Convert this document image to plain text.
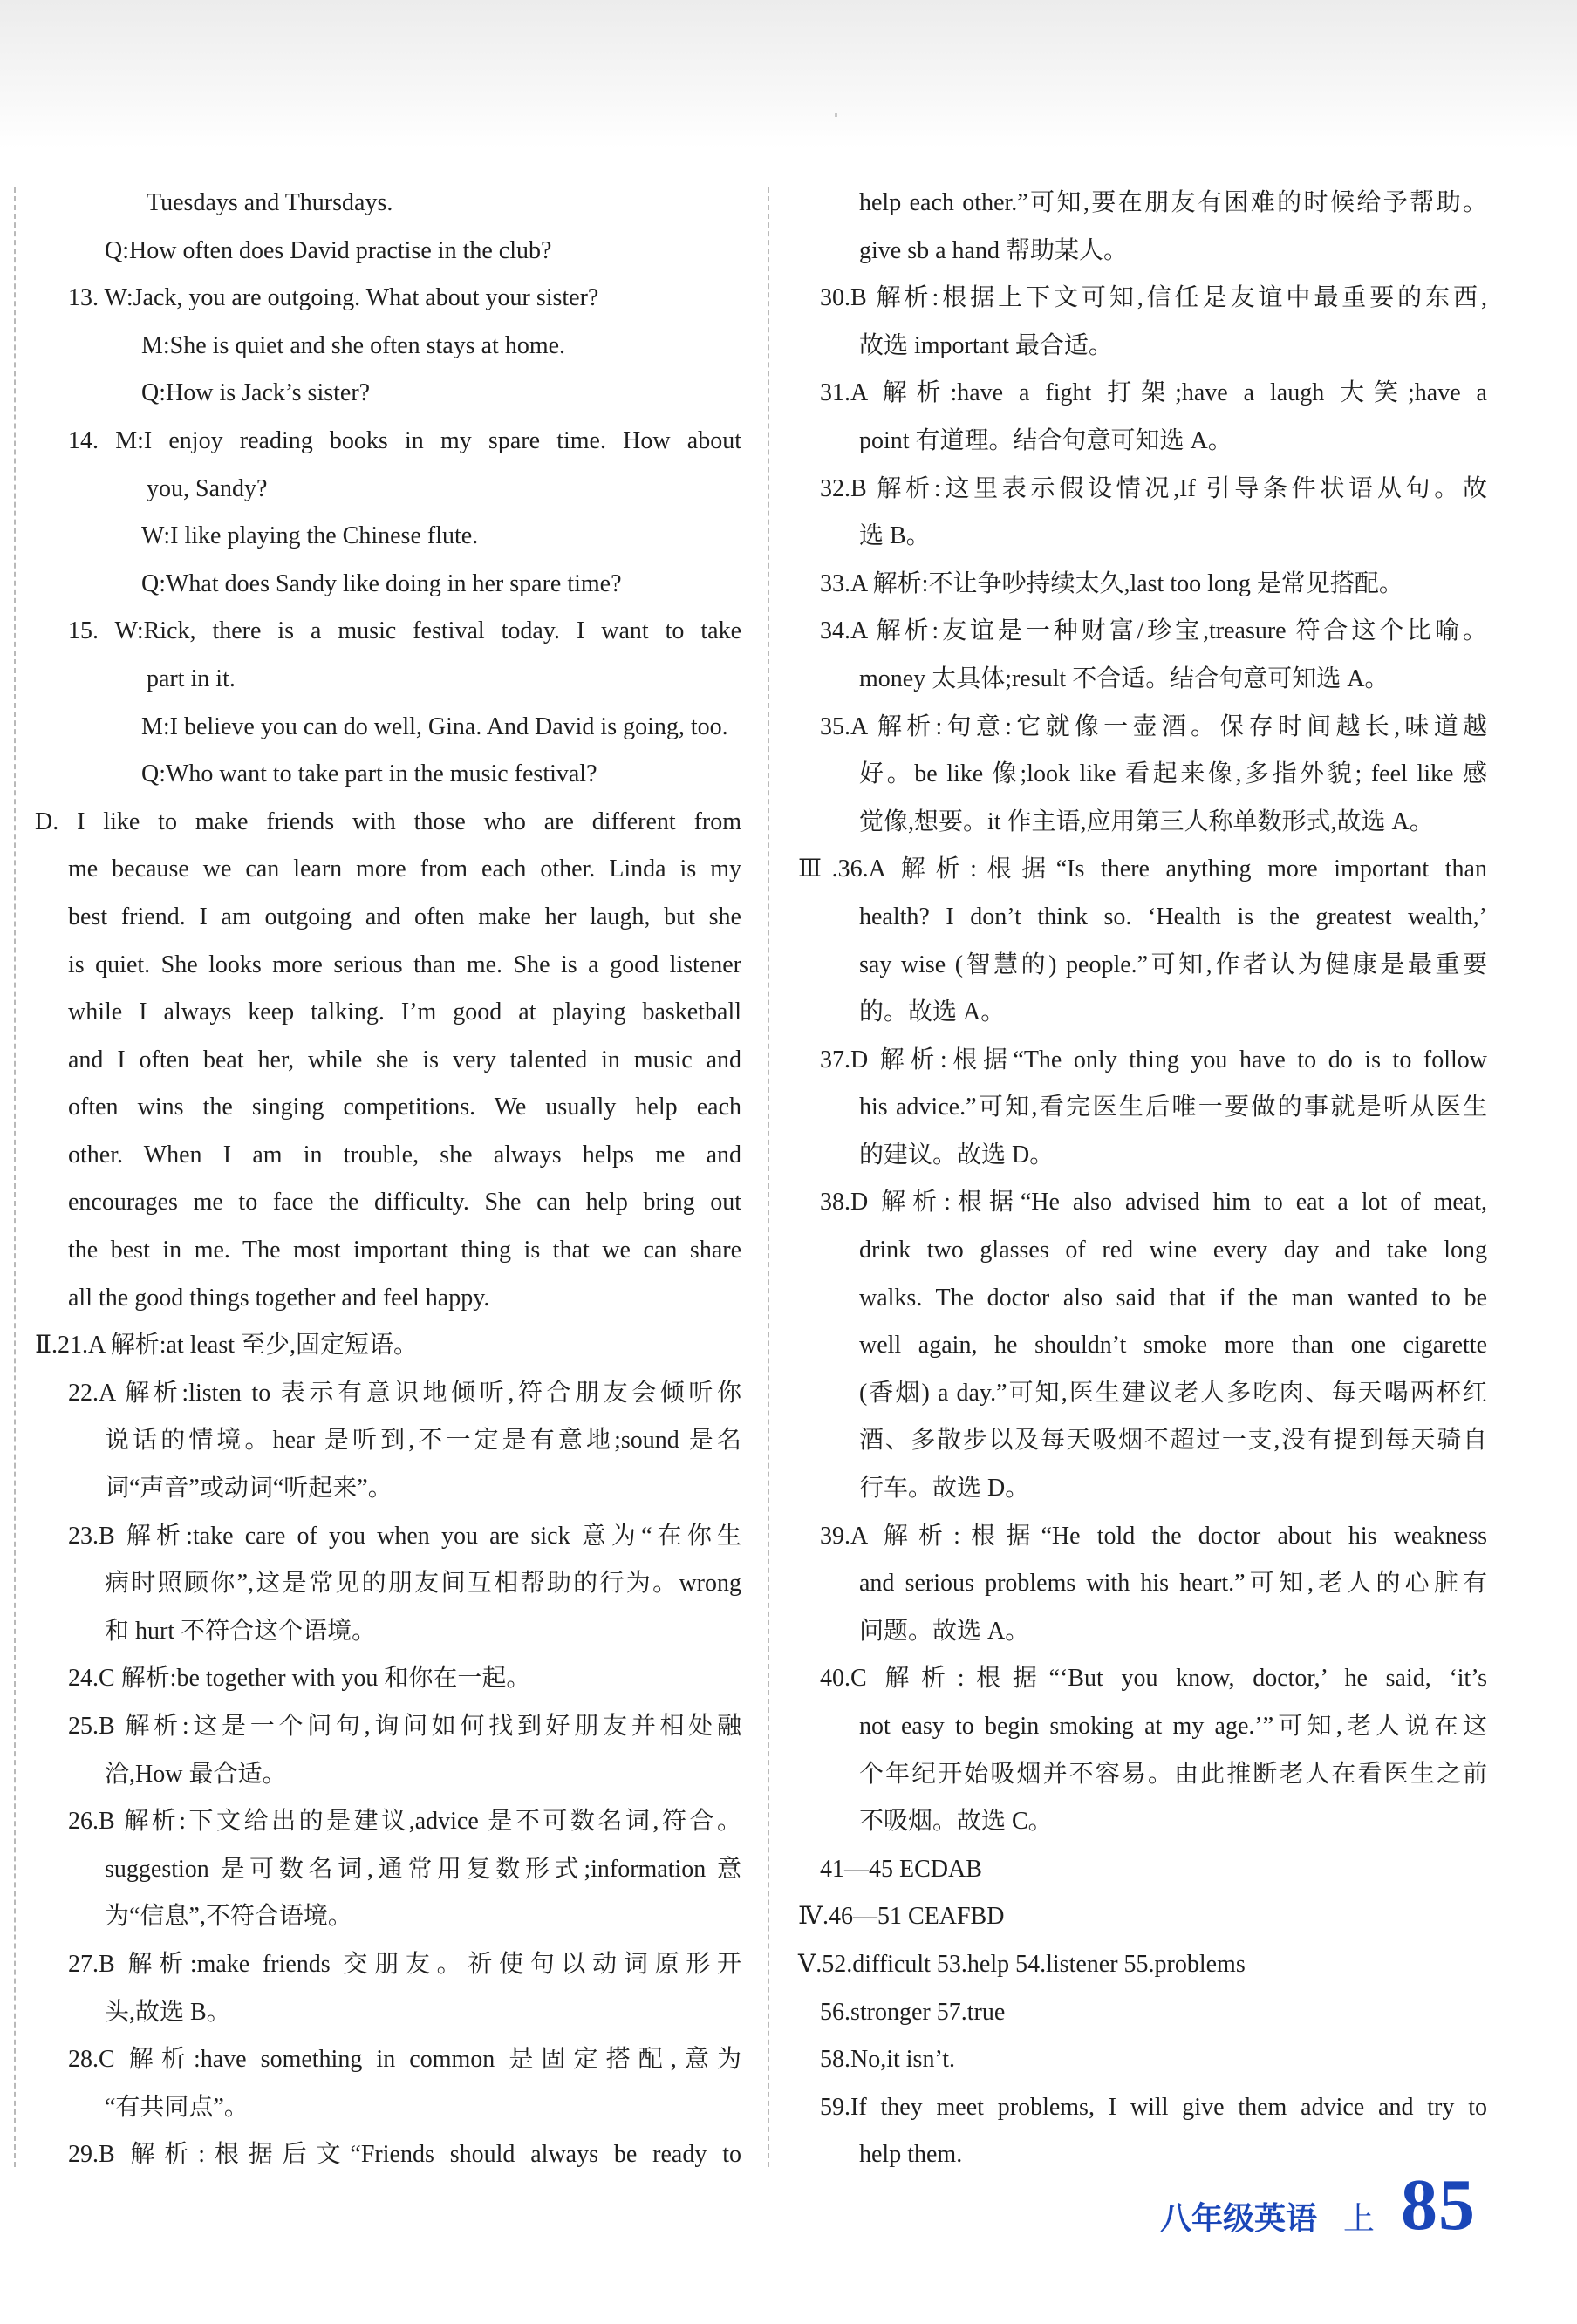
Tuesdays and Thursdays.
Q:How often does David practise in the club?
13. W:Jack, you are outgoing. What about your sister?
M:She is quiet and she often stays at home.
Q:How is Jack’s sister?
14. M:I enjoy reading books in my spare time. How about
you, Sandy?
W:I like playing the Chinese flute.
Q:What does Sandy like doing in her spare time?
15. W:Rick, there is a music festival today. I want to take
part in it.
M:I believe you can do well, Gina. And David is going, too.
Q:Who want to take part in the music festival?
D. I like to make friends with those who are different from
me because we can learn more from each other. Linda is my
best friend. I am outgoing and often make her laugh, but she
is quiet. She looks more serious than me. She is a good listener
while I always keep talking. I’m good at playing basketball
and I often beat her, while she is very talented in music and
often wins the singing competitions. We usually help each
other. When I am in trouble, she always helps me and
encourages me to face the difficulty. She can help bring out
the best in me. The most important thing is that we can share
all the good things together and feel happy.
Ⅱ.21.A 解析:at least 至少,固定短语。
22.A 解析:listen to 表示有意识地倾听,符合朋友会倾听你
说话的情境。hear 是听到,不一定是有意地;sound 是名
词“声音”或动词“听起来”。
23.B 解析:take care of you when you are sick 意为“在你生
病时照顾你”,这是常见的朋友间互相帮助的行为。wrong
和 hurt 不符合这个语境。
24.C 解析:be together with you 和你在一起。
25.B 解析:这是一个问句,询问如何找到好朋友并相处融
洽,How 最合适。
26.B 解析:下文给出的是建议,advice 是不可数名词,符合。
suggestion 是可数名词,通常用复数形式;information 意
为“信息”,不符合语境。
27.B 解析:make friends 交朋友。祈使句以动词原形开
头,故选 B。
28.C 解析:have something in common 是固定搭配,意为
“有共同点”。
29.B 解析:根据后文“Friends should always be ready to
help each other.”可知,要在朋友有困难的时候给予帮助。
give sb a hand 帮助某人。
30.B 解析:根据上下文可知,信任是友谊中最重要的东西,
故选 important 最合适。
31.A 解析:have a fight 打架;have a laugh 大笑;have a
point 有道理。结合句意可知选 A。
32.B 解析:这里表示假设情况,If 引导条件状语从句。故
选 B。
33.A 解析:不让争吵持续太久,last too long 是常见搭配。
34.A 解析:友谊是一种财富/珍宝,treasure 符合这个比喻。
money 太具体;result 不合适。结合句意可知选 A。
35.A 解析:句意:它就像一壶酒。保存时间越长,味道越
好。be like 像;look like 看起来像,多指外貌; feel like 感
觉像,想要。it 作主语,应用第三人称单数形式,故选 A。
Ⅲ.36.A 解析:根据“Is there anything more important than
health? I don’t think so. ‘Health is the greatest wealth,’
say wise (智慧的) people.”可知,作者认为健康是最重要
的。故选 A。
37.D 解析:根据“The only thing you have to do is to follow
his advice.”可知,看完医生后唯一要做的事就是听从医生
的建议。故选 D。
38.D 解析:根据“He also advised him to eat a lot of meat,
drink two glasses of red wine every day and take long
walks. The doctor also said that if the man wanted to be
well again, he shouldn’t smoke more than one cigarette
(香烟) a day.”可知,医生建议老人多吃肉、每天喝两杯红
酒、多散步以及每天吸烟不超过一支,没有提到每天骑自
行车。故选 D。
39.A 解析:根据“He told the doctor about his weakness
and serious problems with his heart.”可知,老人的心脏有
问题。故选 A。
40.C 解析:根据“‘But you know, doctor,’ he said, ‘it’s
not easy to begin smoking at my age.’”可知,老人说在这
个年纪开始吸烟并不容易。由此推断老人在看医生之前
不吸烟。故选 C。
41—45 ECDAB
Ⅳ.46—51 CEAFBD
Ⅴ.52.difficult 53.help 54.listener 55.problems
56.stronger 57.true
58.No,it isn’t.
59.If they meet problems, I will give them advice and try to
help them.
八年级英语 上 85
